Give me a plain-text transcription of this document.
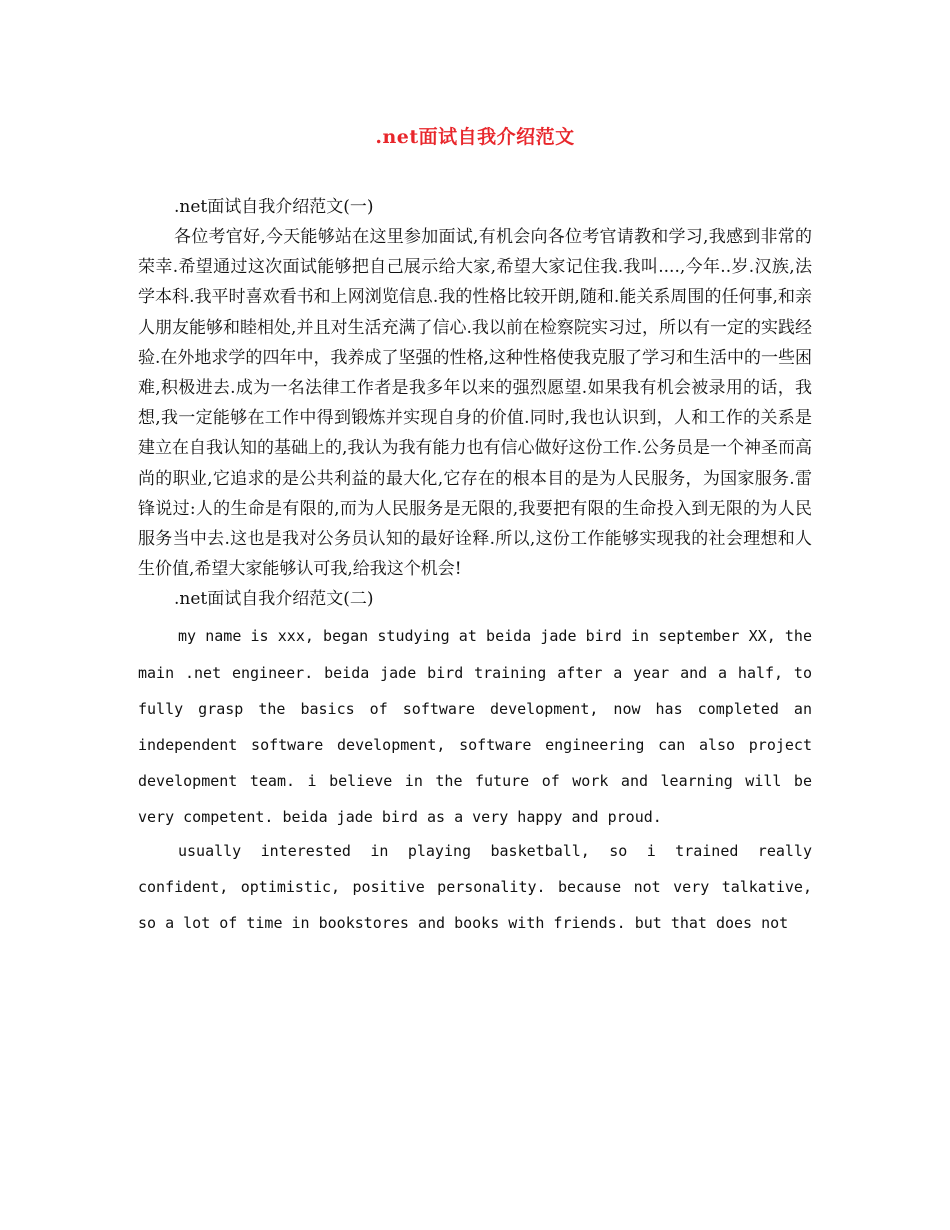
.net面试自我介绍范文

.net面试自我介绍范文(一)

各位考官好,今天能够站在这里参加面试,有机会向各位考官请教和学习,我感到非常的荣幸.希望通过这次面试能够把自己展示给大家,希望大家记住我.我叫....,今年..岁.汉族,法学本科.我平时喜欢看书和上网浏览信息.我的性格比较开朗,随和.能关系周围的任何事,和亲人朋友能够和睦相处,并且对生活充满了信心.我以前在检察院实习过，所以有一定的实践经验.在外地求学的四年中，我养成了坚强的性格,这种性格使我克服了学习和生活中的一些困难,积极进去.成为一名法律工作者是我多年以来的强烈愿望.如果我有机会被录用的话，我想,我一定能够在工作中得到锻炼并实现自身的价值.同时,我也认识到，人和工作的关系是建立在自我认知的基础上的,我认为我有能力也有信心做好这份工作.公务员是一个神圣而高尚的职业,它追求的是公共利益的最大化,它存在的根本目的是为人民服务，为国家服务.雷锋说过:人的生命是有限的,而为人民服务是无限的,我要把有限的生命投入到无限的为人民服务当中去.这也是我对公务员认知的最好诠释.所以,这份工作能够实现我的社会理想和人生价值,希望大家能够认可我,给我这个机会!

.net面试自我介绍范文(二)

my name is xxx, began studying at beida jade bird in september XX, the main .net engineer. beida jade bird training after a year and a half, to fully grasp the basics of software development, now has completed an independent software development, software engineering can also project development team. i believe in the future of work and learning will be very competent. beida jade bird as a very happy and proud.

usually interested in playing basketball, so i trained really confident, optimistic, positive personality. because not very talkative, so a lot of time in bookstores and books with friends. but that does not
